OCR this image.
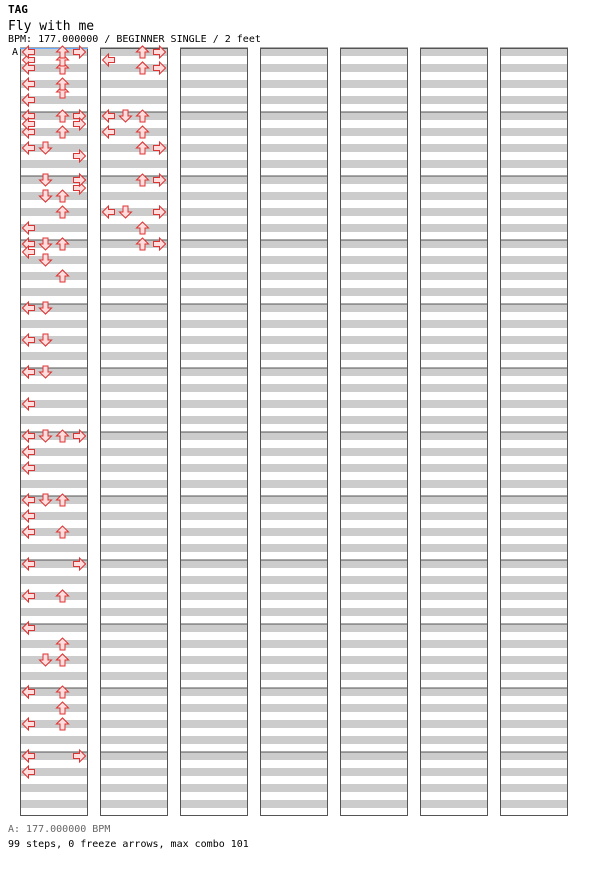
TAG
Fly with me
BPM: 177.000000 / BEGINNER SINGLE / 2 feet
A
A: 177.000000 BPM
99 steps, 0 freeze arrows, max combo 101
